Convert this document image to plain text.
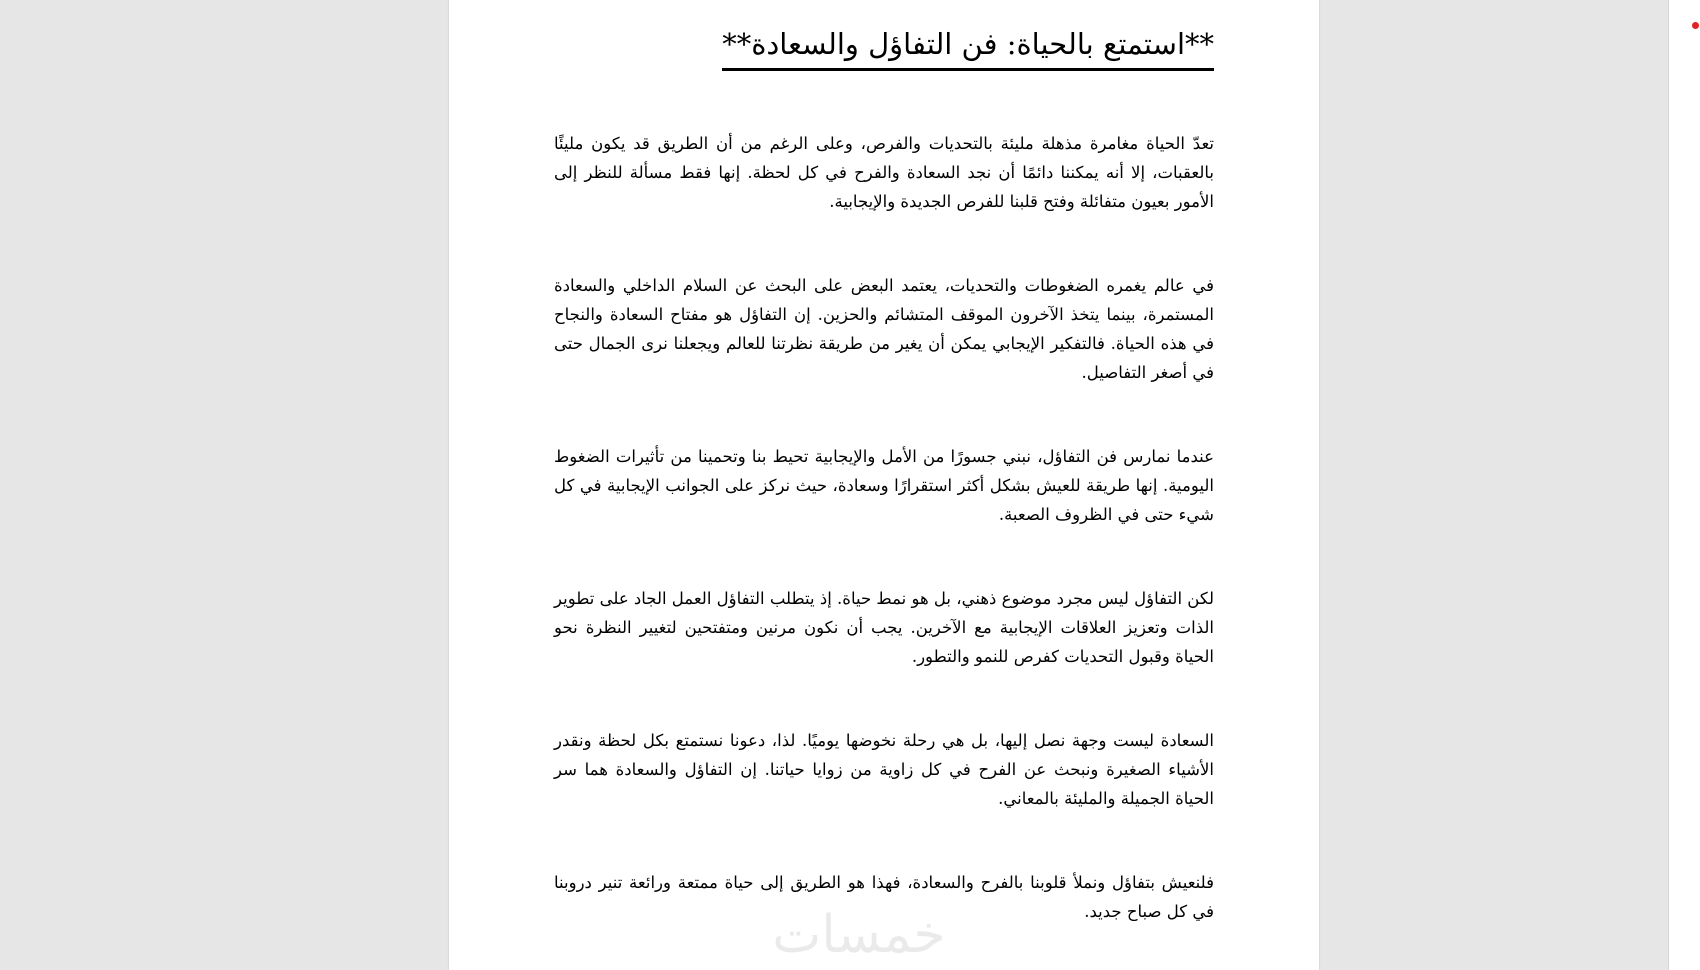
**استمتع بالحياة: فن التفاؤل والسعادة**

تعدّ الحياة مغامرة مذهلة مليئة بالتحديات والفرص، وعلى الرغم من أن الطريق قد يكون مليئًا بالعقبات، إلا أنه يمكننا دائمًا أن نجد السعادة والفرح في كل لحظة. إنها فقط مسألة للنظر إلى الأمور بعيون متفائلة وفتح قلبنا للفرص الجديدة والإيجابية.

في عالم يغمره الضغوطات والتحديات، يعتمد البعض على البحث عن السلام الداخلي والسعادة المستمرة، بينما يتخذ الآخرون الموقف المتشائم والحزين. إن التفاؤل هو مفتاح السعادة والنجاح في هذه الحياة. فالتفكير الإيجابي يمكن أن يغير من طريقة نظرتنا للعالم ويجعلنا نرى الجمال حتى في أصغر التفاصيل.

عندما نمارس فن التفاؤل، نبني جسورًا من الأمل والإيجابية تحيط بنا وتحمينا من تأثيرات الضغوط اليومية. إنها طريقة للعيش بشكل أكثر استقرارًا وسعادة، حيث نركز على الجوانب الإيجابية في كل شيء حتى في الظروف الصعبة.

لكن التفاؤل ليس مجرد موضوع ذهني، بل هو نمط حياة. إذ يتطلب التفاؤل العمل الجاد على تطوير الذات وتعزيز العلاقات الإيجابية مع الآخرين. يجب أن نكون مرنين ومتفتحين لتغيير النظرة نحو الحياة وقبول التحديات كفرص للنمو والتطور.

السعادة ليست وجهة نصل إليها، بل هي رحلة نخوضها يوميًا. لذا، دعونا نستمتع بكل لحظة ونقدر الأشياء الصغيرة ونبحث عن الفرح في كل زاوية من زوايا حياتنا. إن التفاؤل والسعادة هما سر الحياة الجميلة والمليئة بالمعاني.

فلنعيش بتفاؤل ونملأ قلوبنا بالفرح والسعادة، فهذا هو الطريق إلى حياة ممتعة ورائعة تنير دروبنا في كل صباح جديد.

خمسات
